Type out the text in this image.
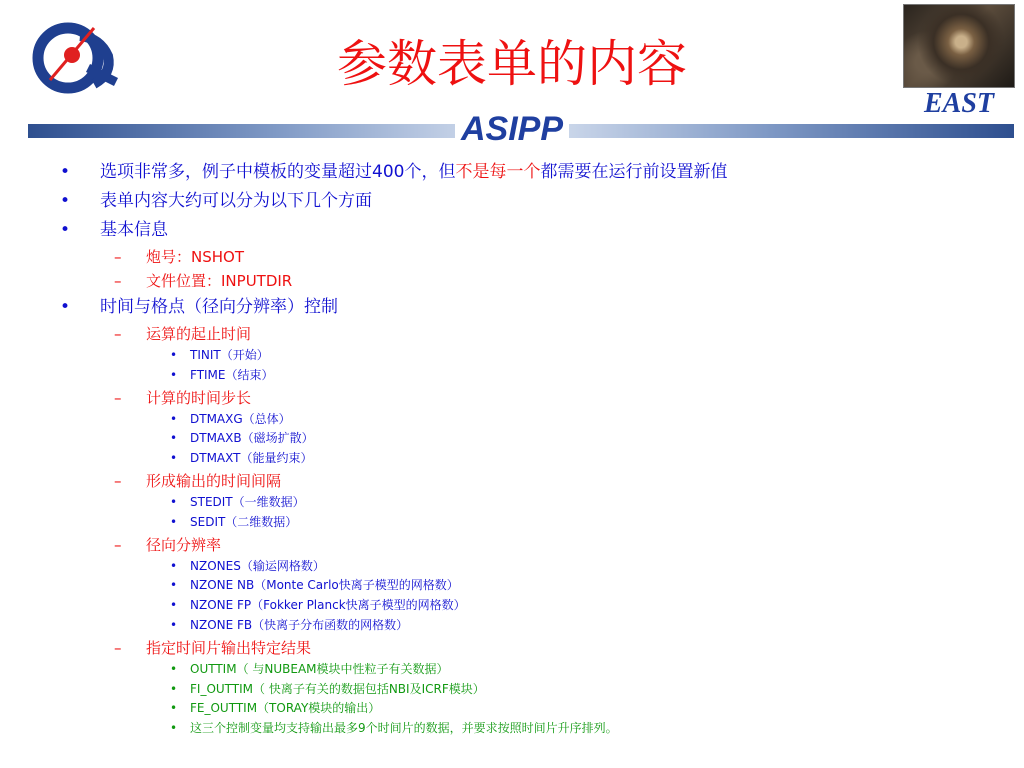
参数表单的内容
EAST
ASIPP
• 选项非常多，例子中模板的变量超过400个，但不是每一个都需要在运行前设置新值
• 表单内容大约可以分为以下几个方面
• 基本信息
– 炮号：NSHOT
– 文件位置：INPUTDIR
• 时间与格点（径向分辨率）控制
– 运算的起止时间
• TINIT（开始）
• FTIME（结束）
– 计算的时间步长
• DTMAXG（总体）
• DTMAXB（磁场扩散）
• DTMAXT（能量约束）
– 形成输出的时间间隔
• STEDIT（一维数据）
• SEDIT（二维数据）
– 径向分辨率
• NZONES（输运网格数）
• NZONE NB（Monte Carlo快离子模型的网格数）
• NZONE FP（Fokker Planck快离子模型的网格数）
• NZONE FB（快离子分布函数的网格数）
– 指定时间片输出特定结果
• OUTTIM（ 与NUBEAM模块中性粒子有关数据）
• FI_OUTTIM（ 快离子有关的数据包括NBI及ICRF模块）
• FE_OUTTIM（TORAY模块的输出）
• 这三个控制变量均支持输出最多9个时间片的数据，并要求按照时间片升序排列。
